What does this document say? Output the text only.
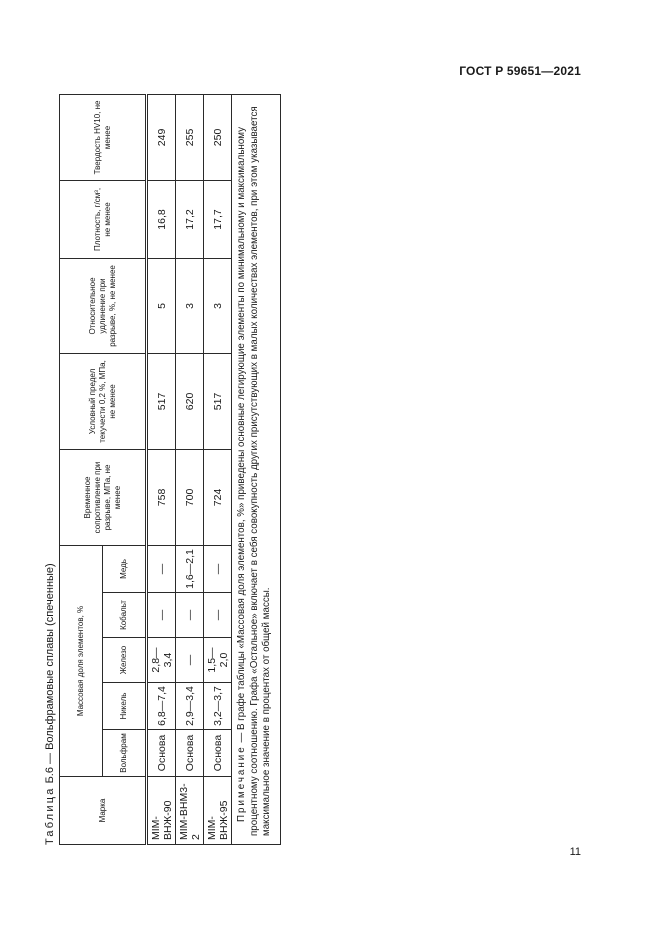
ГОСТ Р 59651—2021
Таблица Б.6 — Вольфрамовые сплавы (спеченные)
Марка	Массовая доля элементов, %					Временное сопротивление при разрыве, МПа, не менее	Условный предел текучести 0,2 %, МПа, не менее	Относительное удлинение при разрыве, %, не менее	Плотность, г/см³, не менее	Твердость HV10, не менее
	Вольфрам	Никель	Железо	Кобальт	Медь					
MIM-ВНЖ-90	Основа	6,8—7,4	2,8—3,4	—	—	758	517	5	16,8	249
MIM-ВНМ3-2	Основа	2,9—3,4	—	—	1,6—2,1	700	620	3	17,2	255
MIM-ВНЖ-95	Основа	3,2—3,7	1,5—2,0	—	—	724	517	3	17,7	250
Примечание — В графе таблицы «Массовая доля элементов, %» приведены основные легирующие элементы по минимальному и максимальному процентному соотношению. Графа «Остальное» включает в себя совокупность других присутствующих в малых количествах элементов, при этом указывается максимальное значение в процентах от общей массы.										
11
